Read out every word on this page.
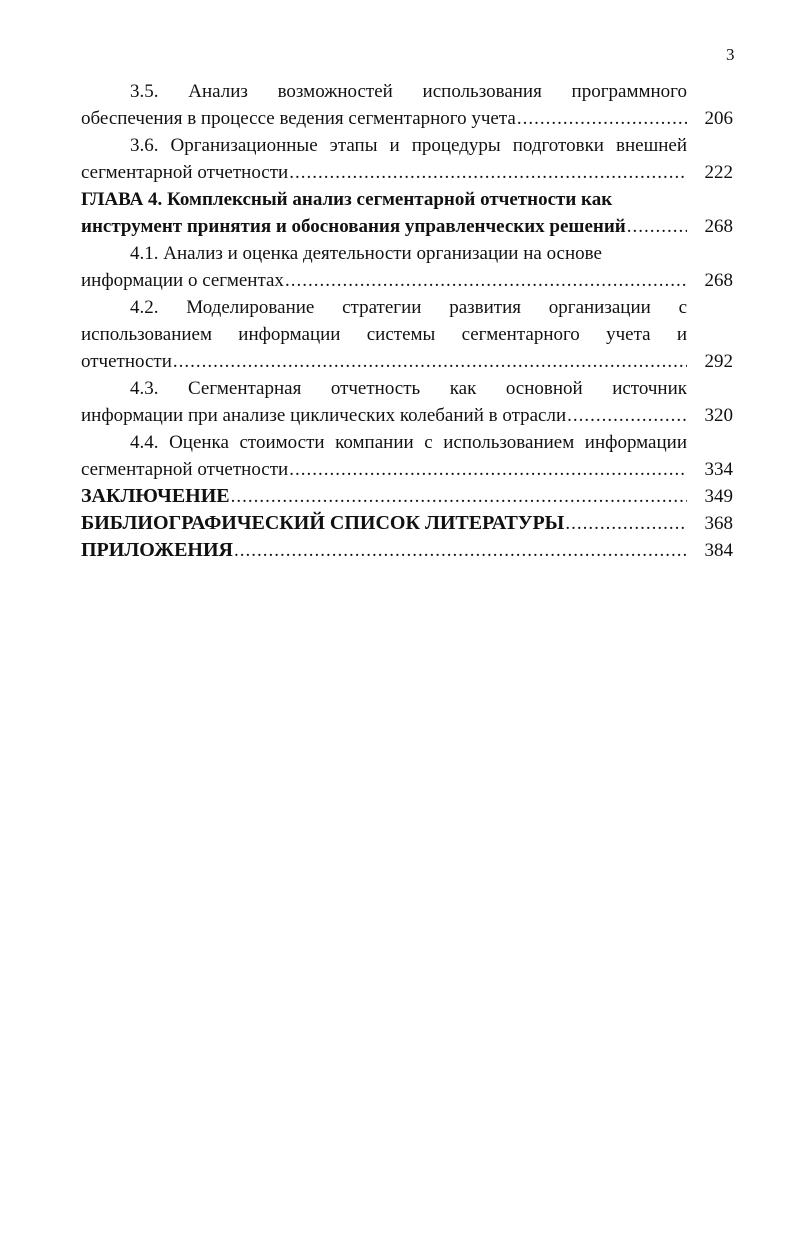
3
3.5. Анализ возможностей использования программного
обеспечения в процессе ведения сегментарного учета .....	206
3.6. Организационные этапы и процедуры подготовки внешней
сегментарной отчетности .....	222
ГЛАВА 4. Комплексный анализ сегментарной отчетности как
инструмент принятия и обоснования управленческих решений .....	268
4.1. Анализ и оценка деятельности организации на основе
информации о сегментах .....	268
4.2. Моделирование стратегии развития организации с
использованием информации системы сегментарного учета и
отчетности .....	292
4.3. Сегментарная отчетность как основной источник
информации при анализе циклических колебаний в отрасли .....	320
4.4. Оценка стоимости компании с использованием информации
сегментарной отчетности .....	334
ЗАКЛЮЧЕНИЕ .....	349
БИБЛИОГРАФИЧЕСКИЙ СПИСОК ЛИТЕРАТУРЫ .....	368
ПРИЛОЖЕНИЯ .....	384
